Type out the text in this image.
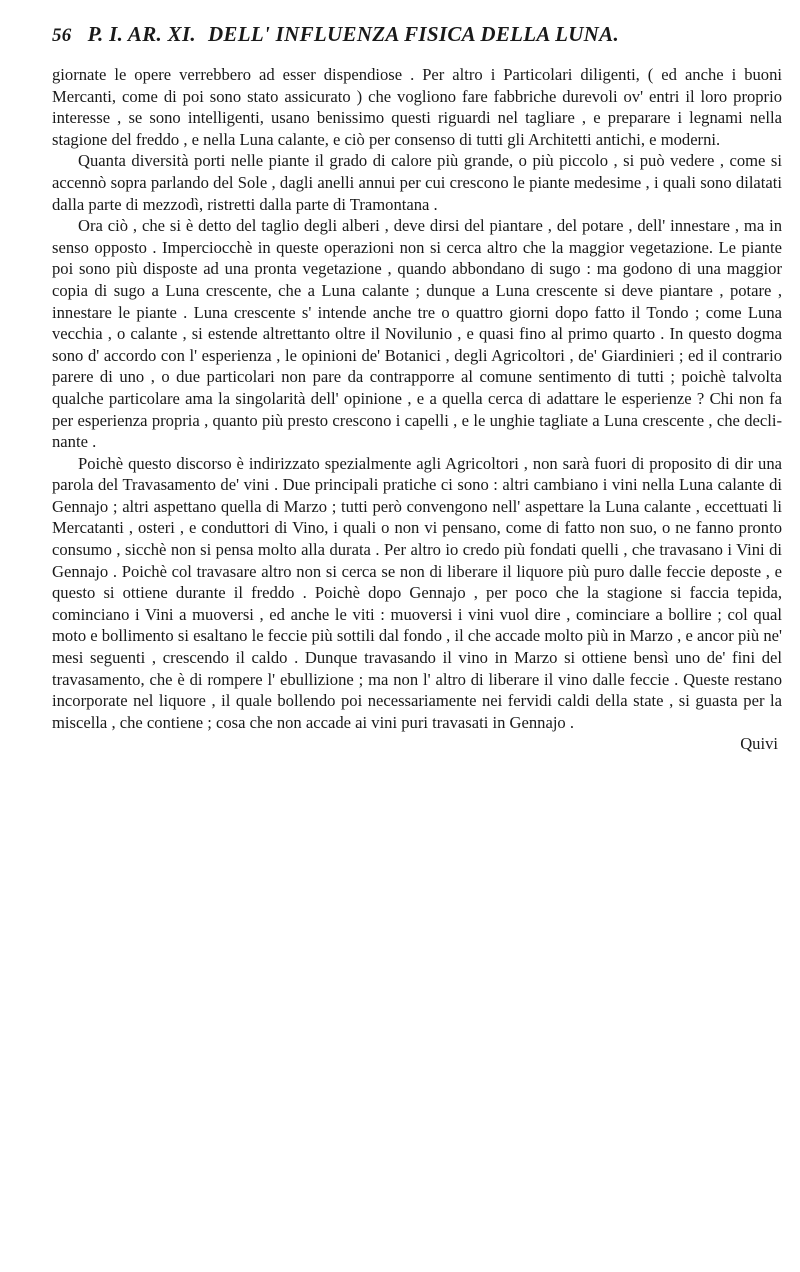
56 P. I. AR. XI. DELL' INFLUENZA FISICA DELLA LUNA.

giornate le opere verrebbero ad esser dispendiose . Per altro i Particolari diligenti, ( ed anche i buoni Mercanti, come di poi sono stato assicurato ) che vogliono fare fabbriche durevoli ov' entri il loro proprio interesse , se sono intelligenti, usano benissimo questi riguardi nel tagliare , e preparare i legnami nella stagione del freddo , e nella Luna calante, e ciò per consenso di tutti gli Architetti antichi, e moderni.

Quanta diversità porti nelle piante il grado di calore più grande, o più piccolo , si può vedere , come si accennò sopra parlando del Sole , dagli anelli annui per cui crescono le piante medesime , i quali sono dilatati dalla parte di mezzodì, ristretti dalla parte di Tramontana .

Ora ciò , che si è detto del taglio degli alberi , deve dirsi del piantare , del potare , dell' innestare , ma in senso opposto . Imperciocchè in queste operazioni non si cerca altro che la maggior vegetazione. Le piante poi sono più disposte ad una pronta vegetazione , quando abbondano di sugo : ma godono di una maggior copia di sugo a Luna crescente, che a Luna calante ; dunque a Luna crescente si deve piantare , potare , innestare le piante . Luna crescente s' intende anche tre o quattro giorni dopo fatto il Tondo ; come Luna vecchia , o calante , si estende altrettanto oltre il Novilunio , e quasi fino al primo quarto . In questo dogma sono d' accordo con l' esperienza , le opinioni de' Botanici , degli Agricoltori , de' Giardinieri ; ed il contrario parere di uno , o due particolari non pare da contrapporre al comune sentimento di tutti ; poichè talvolta qualche particolare ama la singolarità dell' opinione , e a quella cerca di adattare le esperienze ? Chi non fa per esperienza propria , quanto più presto crescono i capelli , e le unghie tagliate a Luna crescente , che decli- nante .

Poichè questo discorso è indirizzato spezialmente agli Agricoltori , non sarà fuori di proposito di dir una parola del Travasamento de' vini . Due principali pratiche ci sono : altri cambiano i vini nella Luna calante di Gennajo ; altri aspettano quella di Marzo ; tutti però convengono nell' aspettare la Luna calante , eccettuati li Mercatanti , osteri , e conduttori di Vino, i quali o non vi pensano, come di fatto non suo, o ne fanno pronto consumo , sicchè non si pensa molto alla durata . Per altro io credo più fondati quelli , che travasano i Vini di Gennajo . Poichè col travasare altro non si cerca se non di liberare il liquore più puro dalle feccie deposte , e questo si ottiene durante il freddo . Poichè dopo Gennajo , per poco che la stagione si faccia tepida, cominciano i Vini a muoversi , ed anche le viti : muoversi i vini vuol dire , cominciare a bollire ; col qual moto e bollimento si esaltano le feccie più sottili dal fondo , il che accade molto più in Marzo , e ancor più ne' mesi seguenti , crescendo il caldo . Dunque travasando il vino in Marzo si ottiene bensì uno de' fini del travasamento, che è di rompere l' ebullizione ; ma non l' altro di liberare il vino dalle feccie . Queste restano incorporate nel liquore , il quale bollendo poi necessariamente nei fervidi caldi della state , si guasta per la miscella , che contiene ; cosa che non accade ai vini puri travasati in Gennajo .

Quivi
